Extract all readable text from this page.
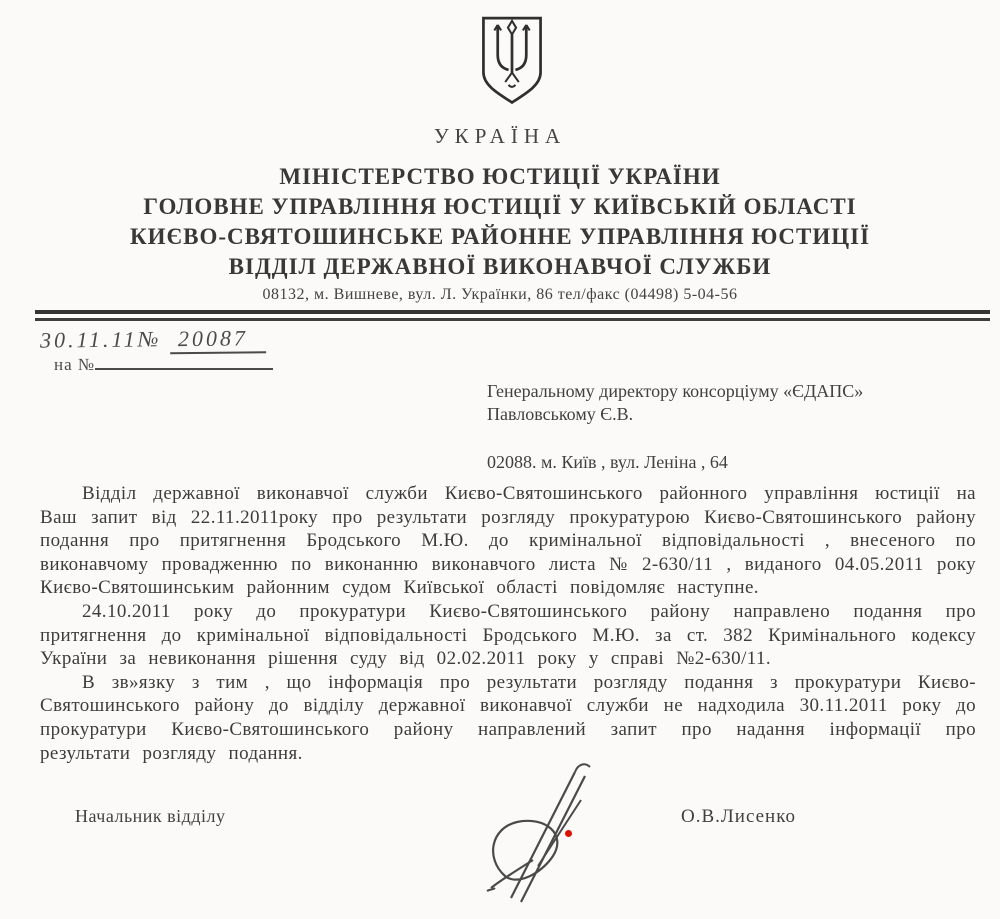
УКРАЇНА
МІНІСТЕРСТВО ЮСТИЦІЇ УКРАЇНИ
ГОЛОВНЕ УПРАВЛІННЯ ЮСТИЦІЇ У КИЇВСЬКІЙ ОБЛАСТІ
КИЄВО-СВЯТОШИНСЬКЕ РАЙОННЕ УПРАВЛІННЯ ЮСТИЦІЇ
ВІДДІЛ ДЕРЖАВНОЇ ВИКОНАВЧОЇ СЛУЖБИ
08132, м. Вишневе, вул. Л. Українки, 86 тел/факс (04498) 5-04-56
30.11.11№ 20087
на №
Генеральному директору консорціуму «ЄДАПС»
Павловському Є.В.
02088. м. Київ , вул. Леніна , 64

Відділ державної виконавчої служби Києво-Святошинського районного управління юстиції на Ваш запит від 22.11.2011року про результати розгляду прокуратурою Києво-Святошинського району подання про притягнення Бродського М.Ю. до кримінальної відповідальності , внесеного по виконавчому провадженню по виконанню виконавчого листа № 2-630/11 , виданого 04.05.2011 року Києво-Святошинським районним судом Київської області повідомляє наступне.

24.10.2011 року до прокуратури Києво-Святошинського району направлено подання про притягнення до кримінальної відповідальності Бродського М.Ю. за ст. 382 Кримінального кодексу України за невиконання рішення суду від 02.02.2011 року у справі №2-630/11.

В зв»язку з тим , що інформація про результати розгляду подання з прокуратури Києво-Святошинського району до відділу державної виконавчої служби не надходила 30.11.2011 року до прокуратури Києво-Святошинського району направлений запит про надання інформації про результати розгляду подання.

Начальник відділу	О.В.Лисенко
